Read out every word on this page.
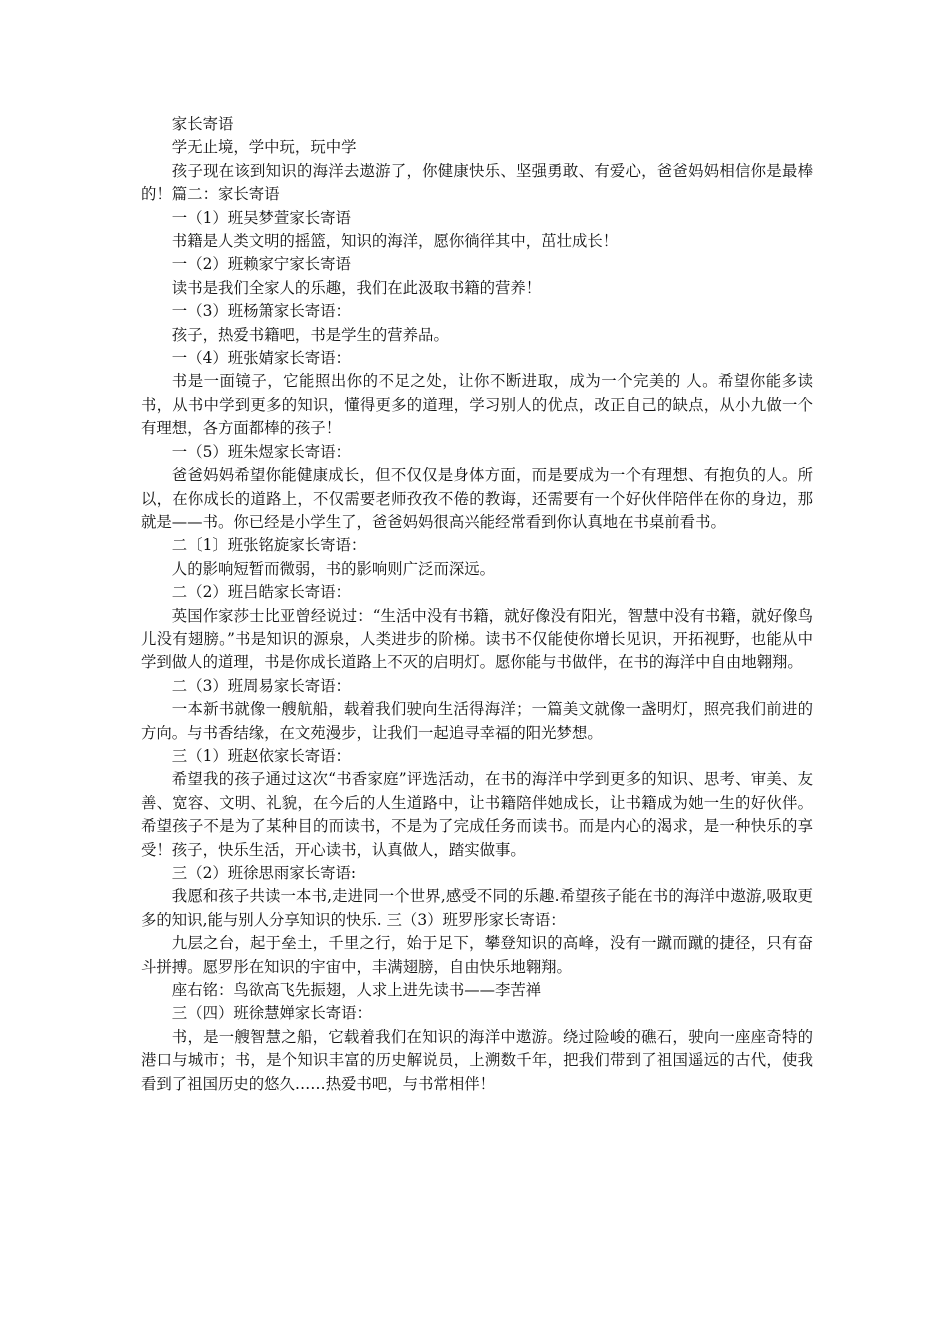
家长寄语

学无止境，学中玩，玩中学

孩子现在该到知识的海洋去遨游了，你健康快乐、坚强勇敢、有爱心，爸爸妈妈相信你是最棒的！篇二：家长寄语

一（1）班吴梦萱家长寄语

书籍是人类文明的摇篮，知识的海洋，愿你徜徉其中，茁壮成长！

一（2）班赖家宁家长寄语

读书是我们全家人的乐趣，我们在此汲取书籍的营养！

一（3）班杨箫家长寄语：

孩子，热爱书籍吧，书是学生的营养品。

一（4）班张婧家长寄语：

书是一面镜子，它能照出你的不足之处，让你不断进取，成为一个完美的 人。希望你能多读书，从书中学到更多的知识，懂得更多的道理，学习别人的优点，改正自己的缺点，从小九做一个有理想，各方面都棒的孩子！

一（5）班朱煜家长寄语：

爸爸妈妈希望你能健康成长，但不仅仅是身体方面，而是要成为一个有理想、有抱负的人。所以，在你成长的道路上，不仅需要老师孜孜不倦的教诲，还需要有一个好伙伴陪伴在你的身边，那就是——书。你已经是小学生了，爸爸妈妈很高兴能经常看到你认真地在书桌前看书。

二〔1〕班张铭旋家长寄语：

人的影响短暂而微弱，书的影响则广泛而深远。

二（2）班吕皓家长寄语：

英国作家莎士比亚曾经说过：“生活中没有书籍，就好像没有阳光，智慧中没有书籍，就好像鸟儿没有翅膀。”书是知识的源泉，人类进步的阶梯。读书不仅能使你增长见识，开拓视野，也能从中学到做人的道理，书是你成长道路上不灭的启明灯。愿你能与书做伴，在书的海洋中自由地翱翔。

二（3）班周易家长寄语：

一本新书就像一艘航船，载着我们驶向生活得海洋；一篇美文就像一盏明灯，照亮我们前进的 方向。与书香结缘，在文苑漫步，让我们一起追寻幸福的阳光梦想。

三（1）班赵依家长寄语：

希望我的孩子通过这次“书香家庭”评选活动，在书的海洋中学到更多的知识、思考、审美、友善、宽容、文明、礼貌，在今后的人生道路中，让书籍陪伴她成长，让书籍成为她一生的好伙伴。希望孩子不是为了某种目的而读书，不是为了完成任务而读书。而是内心的渴求，是一种快乐的享受！孩子，快乐生活，开心读书，认真做人，踏实做事。

三（2）班徐思雨家长寄语:

我愿和孩子共读一本书,走进同一个世界,感受不同的乐趣.希望孩子能在书的海洋中遨游,吸取更多的知识,能与别人分享知识的快乐. 三（3）班罗彤家长寄语：

九层之台，起于垒土，千里之行，始于足下，攀登知识的高峰，没有一蹴而蹴的捷径，只有奋斗拼搏。愿罗彤在知识的宇宙中，丰满翅膀，自由快乐地翱翔。

座右铭：鸟欲高飞先振翅，人求上进先读书——李苦禅

三（四）班徐慧婵家长寄语：

书，是一艘智慧之船，它载着我们在知识的海洋中遨游。绕过险峻的礁石，驶向一座座奇特的港口与城市；书，是个知识丰富的历史解说员，上溯数千年，把我们带到了祖国遥远的古代，使我看到了祖国历史的悠久……热爱书吧，与书常相伴！
